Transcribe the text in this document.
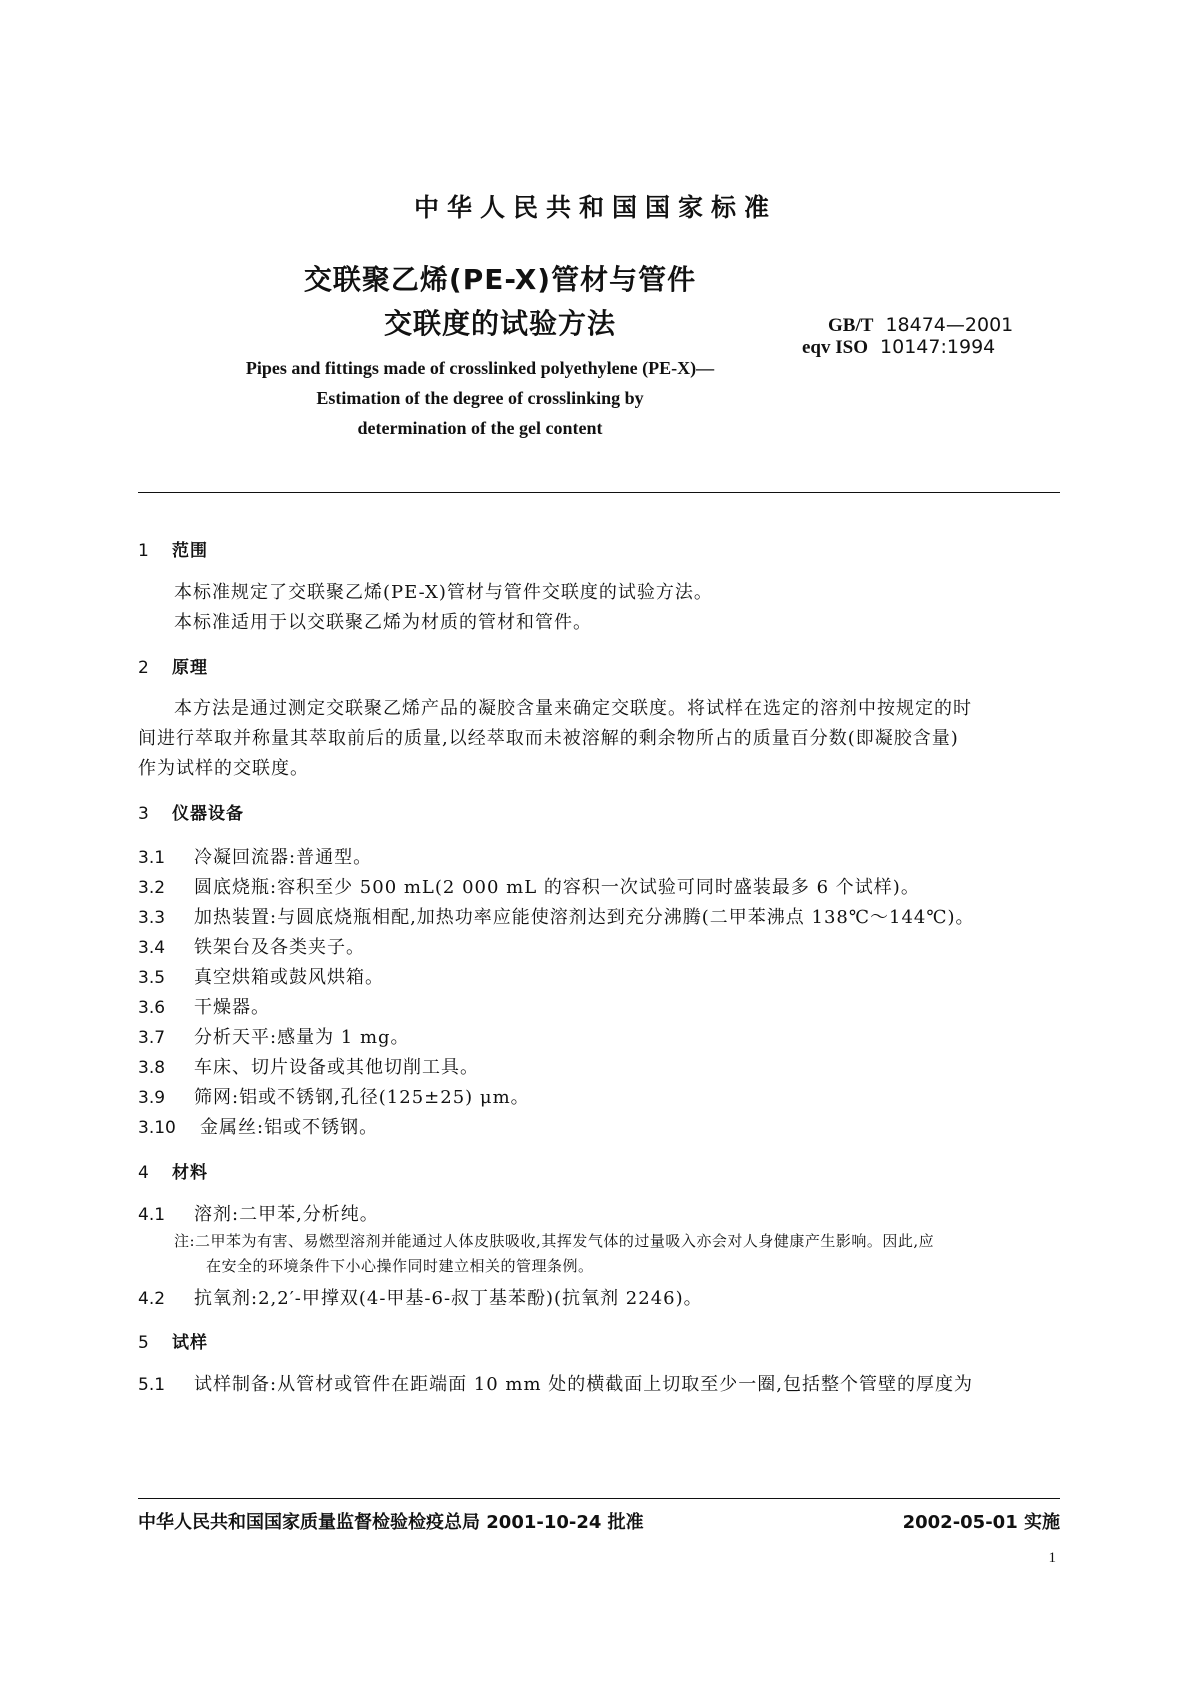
中华人民共和国国家标准
交联聚乙烯(PE-X)管材与管件
交联度的试验方法	GB/T 18474—2001
eqv ISO 10147:1994
Pipes and fittings made of crosslinked polyethylene (PE-X)—
Estimation of the degree of crosslinking by
determination of the gel content
1 范围
本标准规定了交联聚乙烯(PE-X)管材与管件交联度的试验方法。
本标准适用于以交联聚乙烯为材质的管材和管件。
2 原理
本方法是通过测定交联聚乙烯产品的凝胶含量来确定交联度。将试样在选定的溶剂中按规定的时
间进行萃取并称量其萃取前后的质量,以经萃取而未被溶解的剩余物所占的质量百分数(即凝胶含量)
作为试样的交联度。
3 仪器设备
3.1 冷凝回流器:普通型。
3.2 圆底烧瓶:容积至少 500 mL(2 000 mL 的容积一次试验可同时盛装最多 6 个试样)。
3.3 加热装置:与圆底烧瓶相配,加热功率应能使溶剂达到充分沸腾(二甲苯沸点 138℃～144℃)。
3.4 铁架台及各类夹子。
3.5 真空烘箱或鼓风烘箱。
3.6 干燥器。
3.7 分析天平:感量为 1 mg。
3.8 车床、切片设备或其他切削工具。
3.9 筛网:铝或不锈钢,孔径(125±25) μm。
3.10 金属丝:铝或不锈钢。
4 材料
4.1 溶剂:二甲苯,分析纯。
注:二甲苯为有害、易燃型溶剂并能通过人体皮肤吸收,其挥发气体的过量吸入亦会对人身健康产生影响。因此,应
在安全的环境条件下小心操作同时建立相关的管理条例。
4.2 抗氧剂:2,2′-甲撑双(4-甲基-6-叔丁基苯酚)(抗氧剂 2246)。
5 试样
5.1 试样制备:从管材或管件在距端面 10 mm 处的横截面上切取至少一圈,包括整个管壁的厚度为
中华人民共和国国家质量监督检验检疫总局 2001-10-24 批准	2002-05-01 实施
1
